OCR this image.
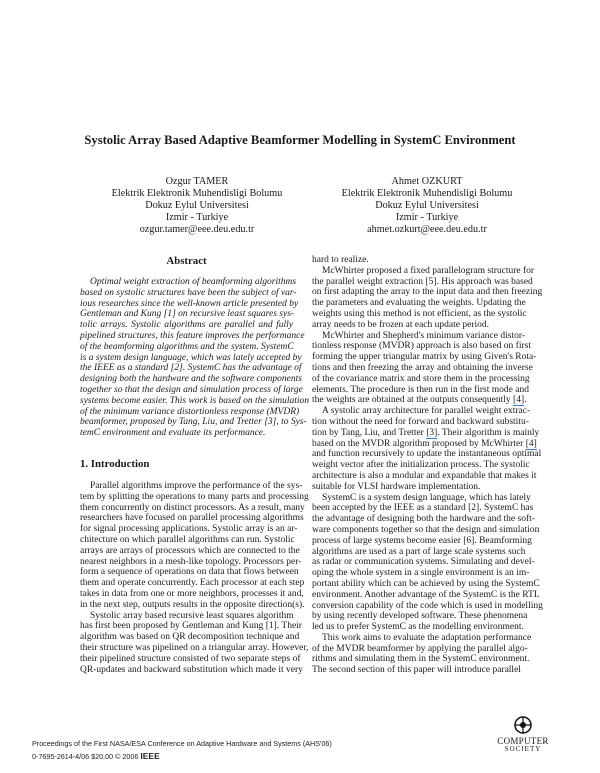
Systolic Array Based Adaptive Beamformer Modelling in SystemC Environment
Ozgur TAMER
Elektrik Elektronik Muhendisligi Bolumu
Dokuz Eylul Universitesi
Izmir - Turkiye
ozgur.tamer@eee.deu.edu.tr
Ahmet OZKURT
Elektrik Elektronik Muhendisligi Bolumu
Dokuz Eylul Universitesi
Izmir - Turkiye
ahmet.ozkurt@eee.deu.edu.tr
Abstract
Optimal weight extraction of beamforming algorithms
based on systolic structures have been the subject of var-
ious researches since the well-known article presented by
Gentleman and Kung [1] on recursive least squares sys-
tolic arrays. Systolic algorithms are parallel and fully
pipelined structures, this feature improves the performance
of the beamforming algorithms and the system. SystemC
is a system design language, which was lately accepted by
the IEEE as a standard [2]. SystemC has the advantage of
designing both the hardware and the software components
together so that the design and simulation process of large
systems become easier. This work is based on the simulation
of the minimum variance distortionless response (MVDR)
beamformer, proposed by Tang, Liu, and Tretter [3], to Sys-
temC environment and evaluate its performance.
1. Introduction
Parallel algorithms improve the performance of the sys-
tem by splitting the operations to many parts and processing
them concurrently on distinct processors. As a result, many
researchers have focused on parallel processing algorithms
for signal processing applications. Systolic array is an ar-
chitecture on which parallel algorithms can run. Systolic
arrays are arrays of processors which are connected to the
nearest neighbors in a mesh-like topology. Processors per-
form a sequence of operations on data that flows between
them and operate concurrently. Each processor at each step
takes in data from one or more neighbors, processes it and,
in the next step, outputs results in the opposite direction(s).
Systolic array based recursive least squares algorithm
has first been proposed by Gentleman and Kung [1]. Their
algorithm was based on QR decomposition technique and
their structure was pipelined on a triangular array. However,
their pipelined structure consisted of two separate steps of
QR-updates and backward substitution which made it very
hard to realize.
McWhirter proposed a fixed parallelogram structure for
the parallel weight extraction [5]. His approach was based
on first adapting the array to the input data and then freezing
the parameters and evaluating the weights. Updating the
weights using this method is not efficient, as the systolic
array needs to be frozen at each update period.
McWhirter and Shepherd's minimum variance distor-
tionless response (MVDR) approach is also based on first
forming the upper triangular matrix by using Given's Rota-
tions and then freezing the array and obtaining the inverse
of the covariance matrix and store them in the processing
elements. The procedure is then run in the first mode and
the weights are obtained at the outputs consequently [4].
A systolic array architecture for parallel weight extrac-
tion without the need for forward and backward substitu-
tion by Tang, Liu, and Tretter [3]. Their algorithm is mainly
based on the MVDR algorithm proposed by McWhirter [4]
and function recursively to update the instantaneous optimal
weight vector after the initialization process. The systolic
architecture is also a modular and expandable that makes it
suitable for VLSI hardware implementation.
SystemC is a system design language, which has lately
been accepted by the IEEE as a standard [2]. SystemC has
the advantage of designing both the hardware and the soft-
ware components together so that the design and simulation
process of large systems become easier [6]. Beamforming
algorithms are used as a part of large scale systems such
as radar or communication systems. Simulating and devel-
oping the whole system in a single environment is an im-
portant ability which can be achieved by using the SystemC
environment. Another advantage of the SystemC is the RTL
conversion capability of the code which is used in modelling
by using recently developed software. These phenomena
led us to prefer SystemC as the modelling environment.
This work aims to evaluate the adaptation performance
of the MVDR beamformer by applying the parallel algo-
rithms and simulating them in the SystemC environment.
The second section of this paper will introduce parallel
Proceedings of the First NASA/ESA Conference on Adaptive Hardware and Systems (AHS'06)
0-7695-2614-4/06 $20.00 © 2006 IEEE
COMPUTER
SOCIETY
